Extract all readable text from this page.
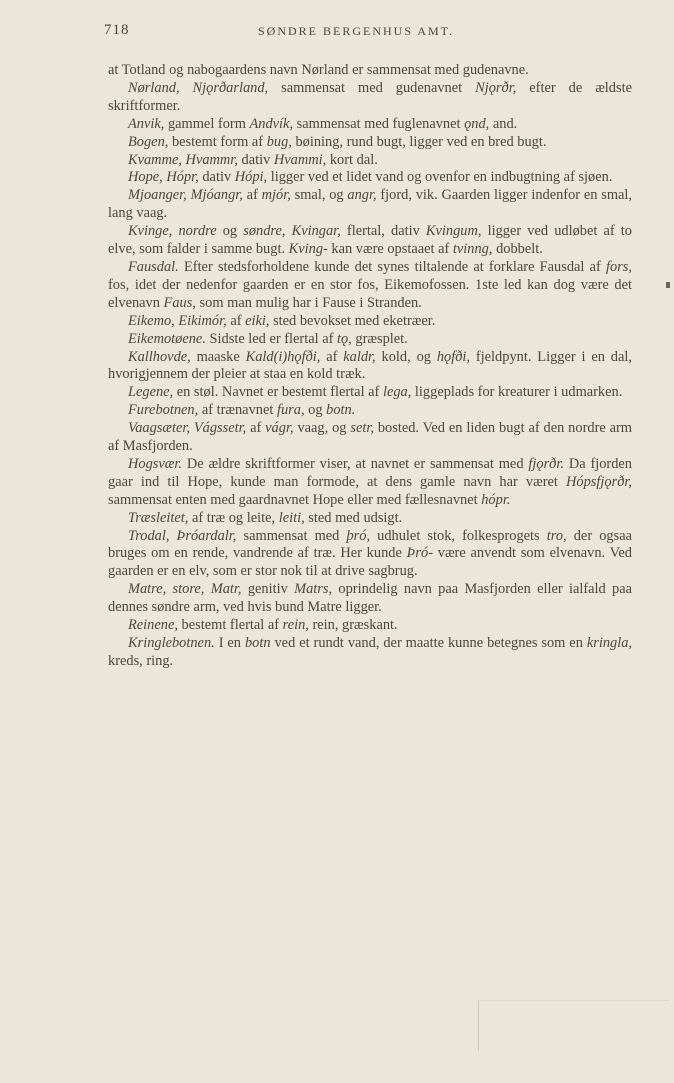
718	SØNDRE BERGENHUS AMT.

at Totland og nabogaardens navn Nørland er sammensat med gudenavne.

Nørland, Njǫrðarland, sammensat med gudenavnet Njǫrðr, efter de ældste skriftformer.

Anvik, gammel form Andvík, sammensat med fuglenavnet ǫnd, and.

Bogen, bestemt form af bug, bøining, rund bugt, ligger ved en bred bugt.

Kvamme, Hvammr, dativ Hvammi, kort dal.

Hope, Hópr, dativ Hópi, ligger ved et lidet vand og ovenfor en indbugtning af sjøen.

Mjoanger, Mjóangr, af mjór, smal, og angr, fjord, vik. Gaarden ligger indenfor en smal, lang vaag.

Kvinge, nordre og søndre, Kvingar, flertal, dativ Kvingum, ligger ved udløbet af to elve, som falder i samme bugt. Kving- kan være opstaaet af tvinng, dobbelt.

Fausdal. Efter stedsforholdene kunde det synes tiltalende at forklare Fausdal af fors, fos, idet der nedenfor gaarden er en stor fos, Eikemofossen. 1ste led kan dog være det elvenavn Faus, som man mulig har i Fause i Stranden.

Eikemo, Eikimór, af eiki, sted bevokset med eketræer.

Eikemotøene. Sidste led er flertal af tǫ, græsplet.

Kallhovde, maaske Kald(i)hǫfði, af kaldr, kold, og hǫfði, fjeldpynt. Ligger i en dal, hvorigjennem der pleier at staa en kold træk.

Legene, en støl. Navnet er bestemt flertal af lega, liggeplads for kreaturer i udmarken.

Furebotnen, af trænavnet fura, og botn.

Vaagsæter, Vágssetr, af vágr, vaag, og setr, bosted. Ved en liden bugt af den nordre arm af Masfjorden.

Hogsvær. De ældre skriftformer viser, at navnet er sammensat med fjǫrðr. Da fjorden gaar ind til Hope, kunde man formode, at dens gamle navn har været Hópsfjǫrðr, sammensat enten med gaardnavnet Hope eller med fællesnavnet hópr.

Træsleitet, af træ og leite, leiti, sted med udsigt.

Trodal, Þróardalr, sammensat med þró, udhulet stok, folkesprogets tro, der ogsaa bruges om en rende, vandrende af træ. Her kunde Þró- være anvendt som elvenavn. Ved gaarden er en elv, som er stor nok til at drive sagbrug.

Matre, store, Matr, genitiv Matrs, oprindelig navn paa Masfjorden eller ialfald paa dennes søndre arm, ved hvis bund Matre ligger.

Reinene, bestemt flertal af rein, rein, græskant.

Kringlebotnen. I en botn ved et rundt vand, der maatte kunne betegnes som en kringla, kreds, ring.
